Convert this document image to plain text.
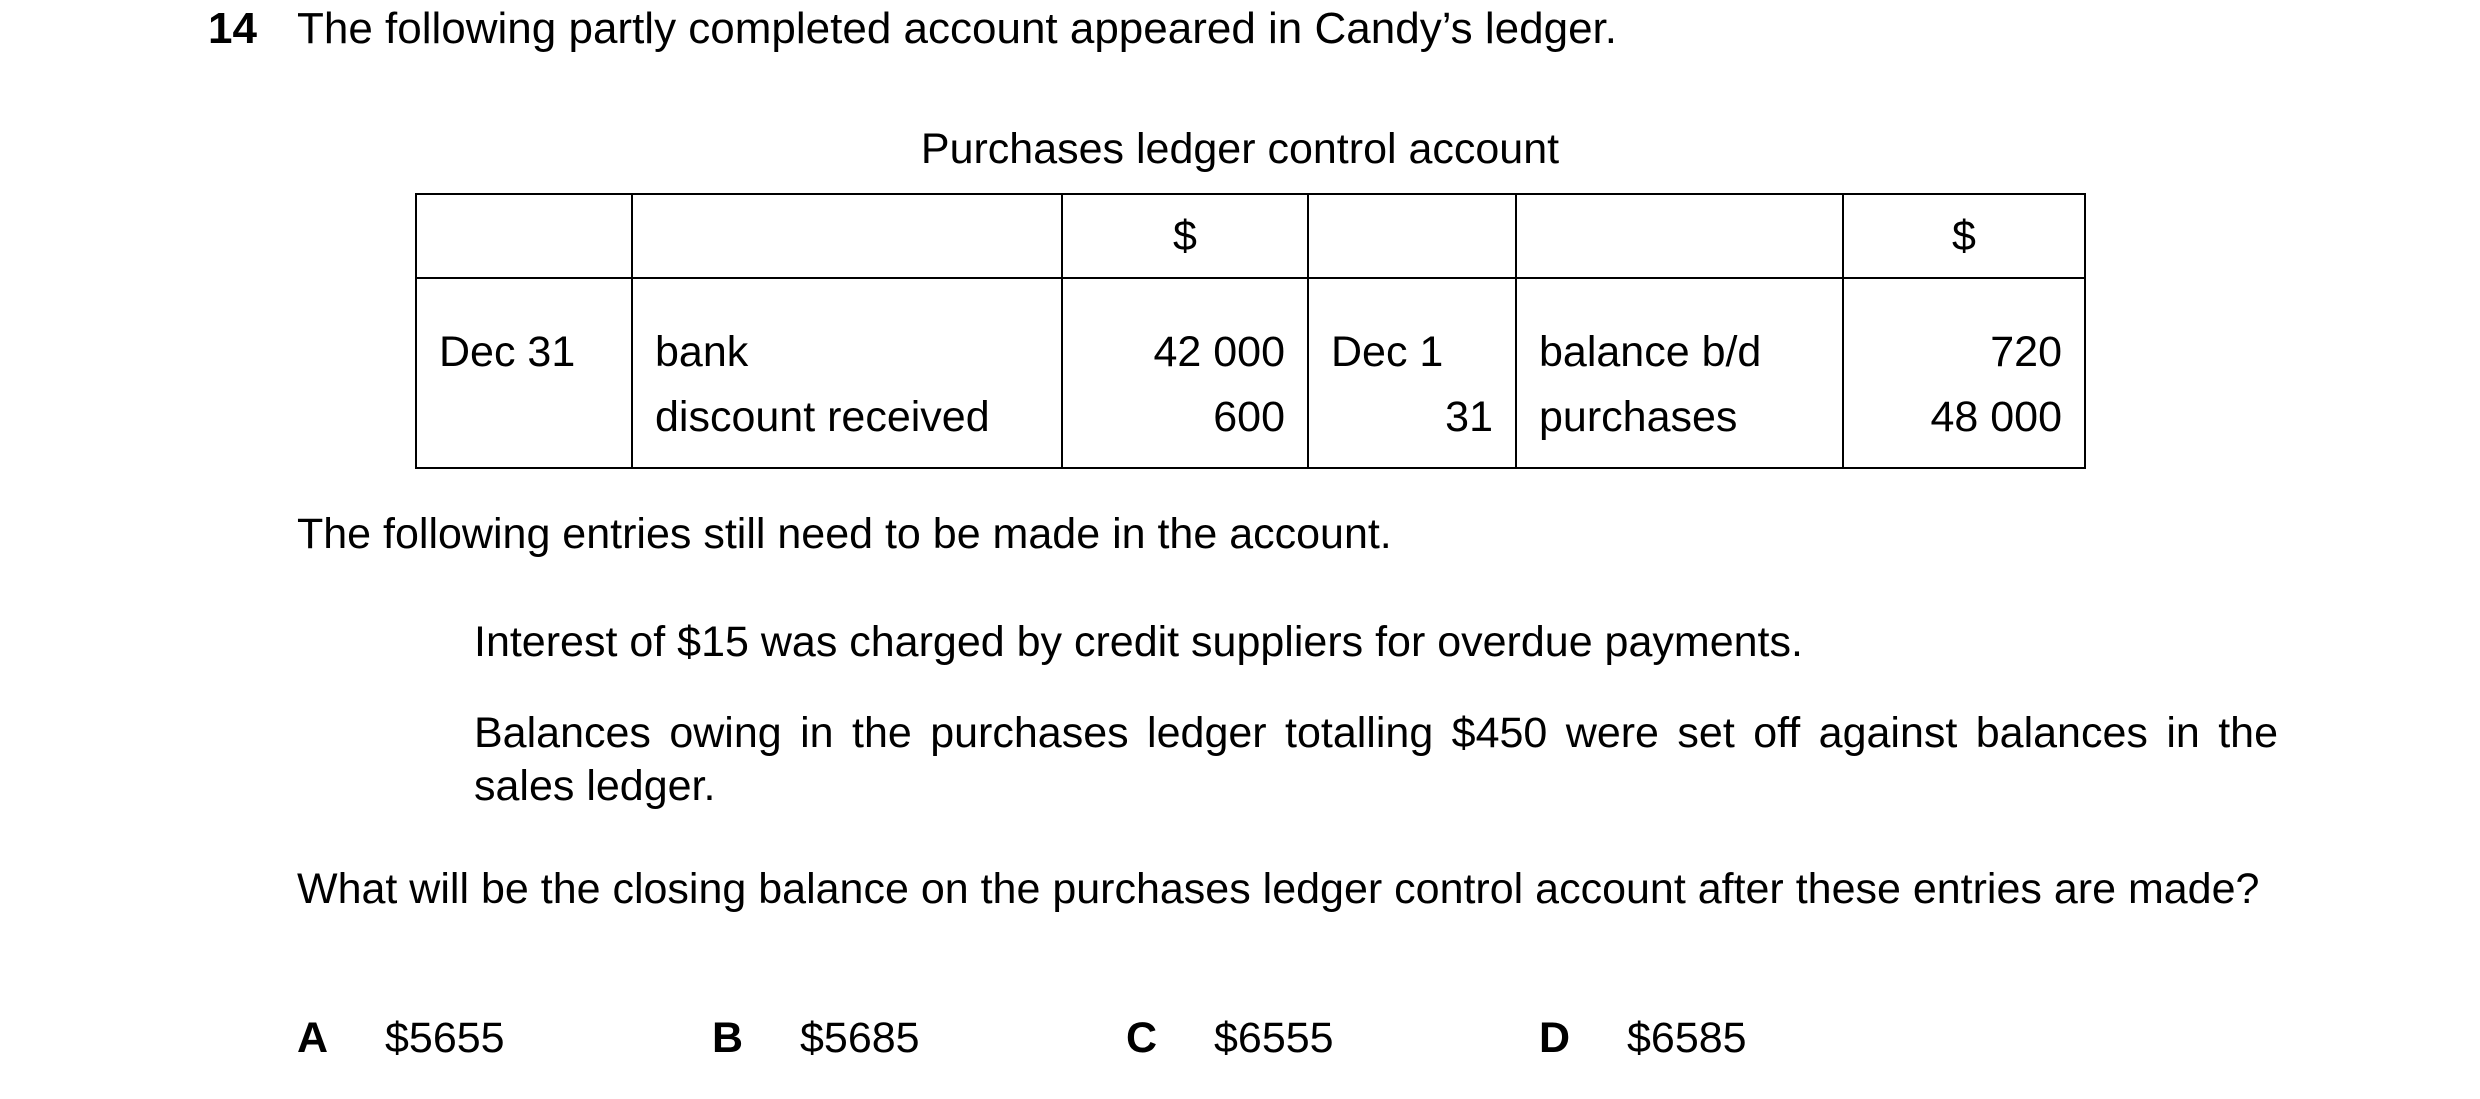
14 The following partly completed account appeared in Candy’s ledger.
Purchases ledger control account
		$			$
Dec 31	bank	42 000	Dec 1	balance b/d	720
	discount received	600	31	purchases	48 000
The following entries still need to be made in the account.
Interest of $15 was charged by credit suppliers for overdue payments.
Balances owing in the purchases ledger totalling $450 were set off against balances in the sales ledger.
What will be the closing balance on the purchases ledger control account after these entries are made?
A $5655	B $5685	C $6555	D $6585
